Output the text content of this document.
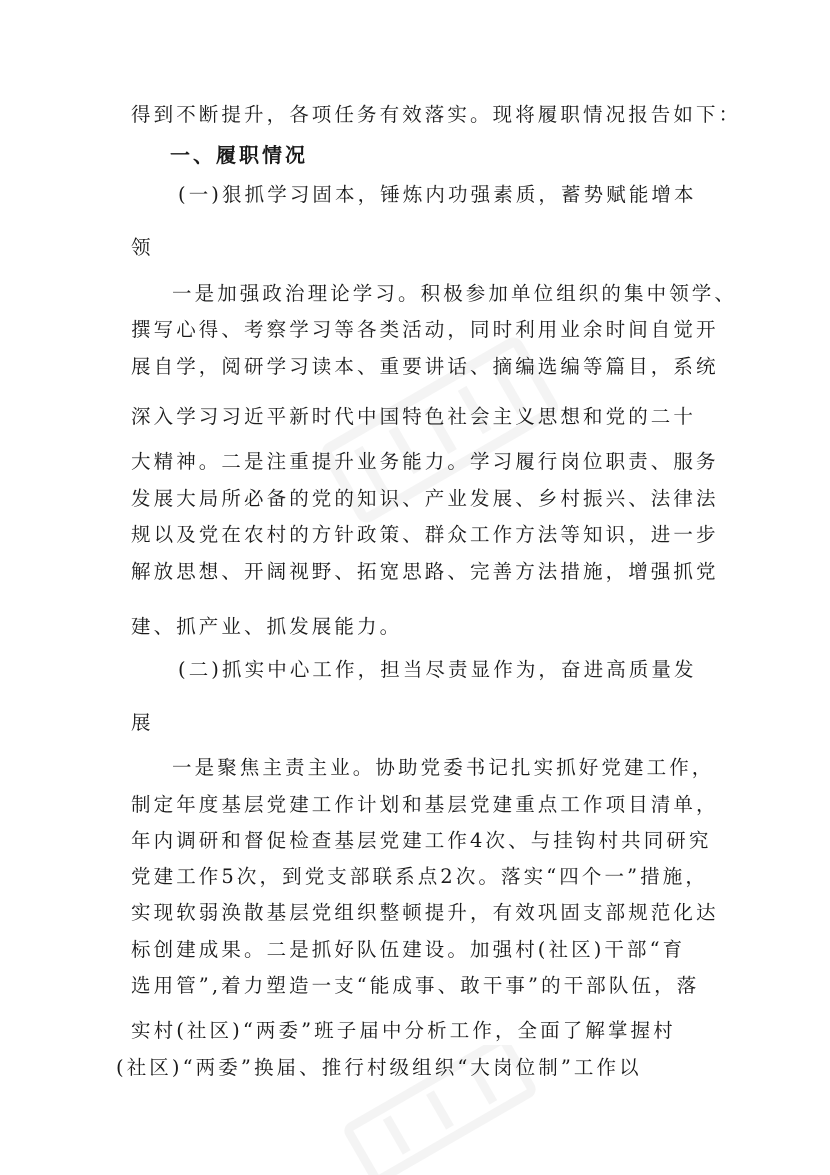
得到不断提升，各项任务有效落实。现将履职情况报告如下：
一、履职情况
(一)狠抓学习固本，锤炼内功强素质，蓄势赋能增本
领
一是加强政治理论学习。积极参加单位组织的集中领学、
撰写心得、考察学习等各类活动，同时利用业余时间自觉开
展自学，阅研学习读本、重要讲话、摘编选编等篇目，系统
深入学习习近平新时代中国特色社会主义思想和党的二十
大精神。二是注重提升业务能力。学习履行岗位职责、服务
发展大局所必备的党的知识、产业发展、乡村振兴、法律法
规以及党在农村的方针政策、群众工作方法等知识，进一步
解放思想、开阔视野、拓宽思路、完善方法措施，增强抓党
建、抓产业、抓发展能力。
(二)抓实中心工作，担当尽责显作为，奋进高质量发
展
一是聚焦主责主业。协助党委书记扎实抓好党建工作，
制定年度基层党建工作计划和基层党建重点工作项目清单，
年内调研和督促检查基层党建工作4次、与挂钩村共同研究
党建工作5次，到党支部联系点2次。落实“四个一”措施，
实现软弱涣散基层党组织整顿提升，有效巩固支部规范化达
标创建成果。二是抓好队伍建设。加强村(社区)干部“育
选用管”,着力塑造一支“能成事、敢干事”的干部队伍，落
实村(社区)“两委”班子届中分析工作，全面了解掌握村
(社区)“两委”换届、推行村级组织“大岗位制”工作以
